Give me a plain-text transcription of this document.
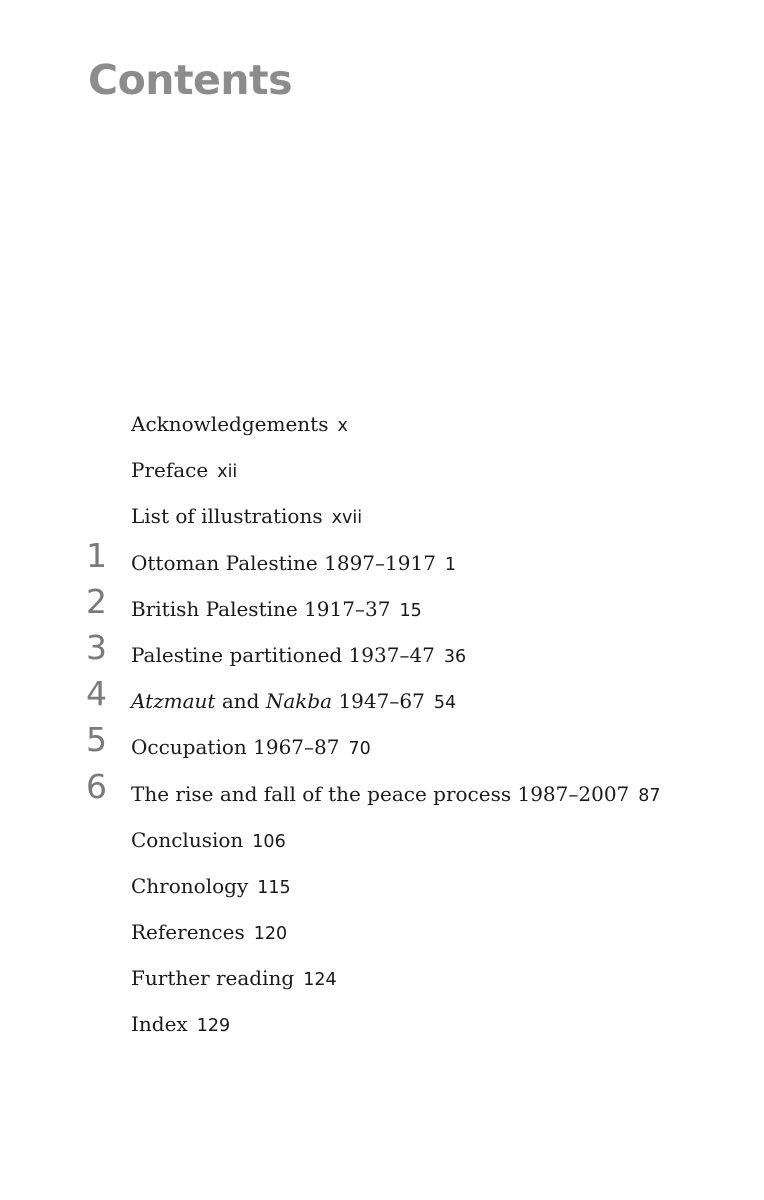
Contents
Acknowledgements x
Preface xii
List of illustrations xvii
1	Ottoman Palestine 1897–1917 1
2	British Palestine 1917–37 15
3	Palestine partitioned 1937–47 36
4	Atzmaut and Nakba 1947–67 54
5	Occupation 1967–87 70
6	The rise and fall of the peace process 1987–2007 87
Conclusion 106
Chronology 115
References 120
Further reading 124
Index 129
